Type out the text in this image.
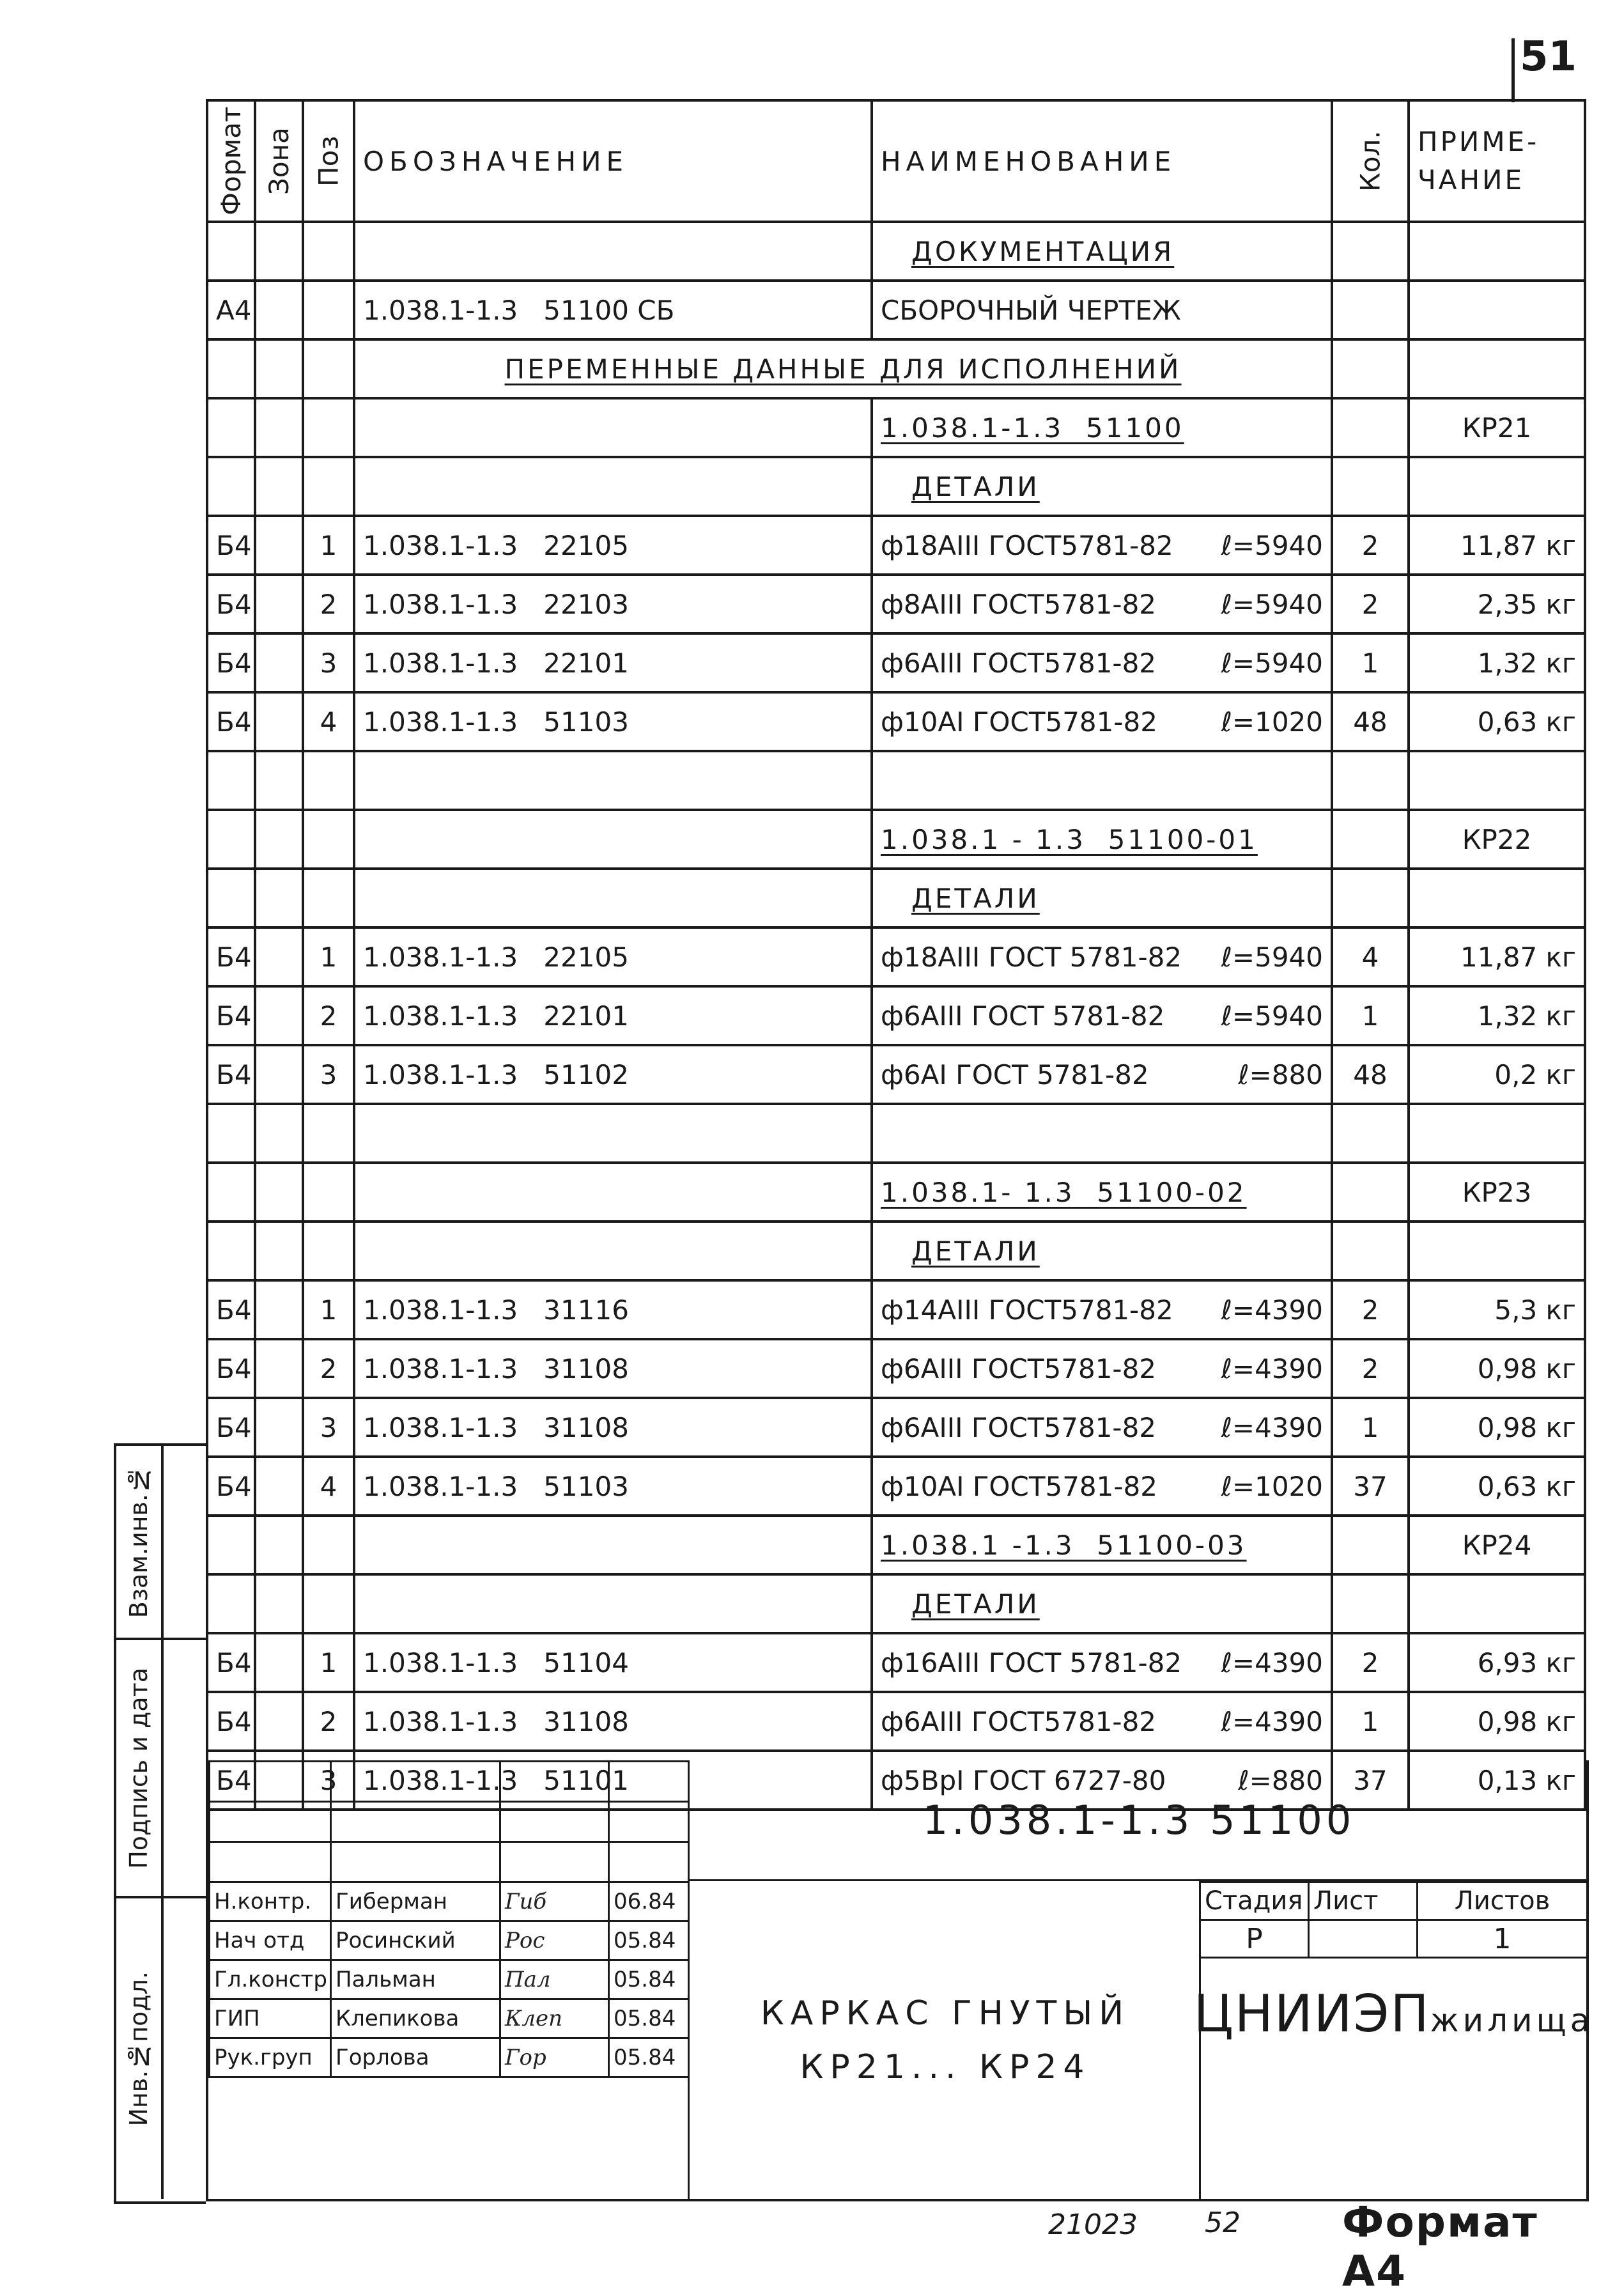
51
Формат	Зона	Поз	ОБОЗНАЧЕНИЕ	НАИМЕНОВАНИЕ	Кол.	ПРИМЕ-ЧАНИЕ
				ДОКУМЕНТАЦИЯ		
А4			1.038.1-1.3   51100 СБ	СБОРОЧНЫЙ ЧЕРТЕЖ		

			ПЕРЕМЕННЫЕ ДАННЫЕ ДЛЯ ИСПОЛНЕНИЙ			
				1.038.1-1.3  51100		КР21
				ДЕТАЛИ		
Б4		1	1.038.1-1.3   22105	ф18АIII ГОСТ5781-82 ℓ=5940	2	11,87 кг
Б4		2	1.038.1-1.3   22103	ф8АIII ГОСТ5781-82 ℓ=5940	2	2,35 кг
Б4		3	1.038.1-1.3   22101	ф6АIII ГОСТ5781-82 ℓ=5940	1	1,32 кг
Б4		4	1.038.1-1.3   51103	ф10АI ГОСТ5781-82 ℓ=1020	48	0,63 кг

				1.038.1 - 1.3  51100-01		КР22
				ДЕТАЛИ		
Б4		1	1.038.1-1.3   22105	ф18АIII ГОСТ 5781-82 ℓ=5940	4	11,87 кг
Б4		2	1.038.1-1.3   22101	ф6АIII ГОСТ 5781-82 ℓ=5940	1	1,32 кг
Б4		3	1.038.1-1.3   51102	ф6АI ГОСТ 5781-82 ℓ=880	48	0,2 кг

				1.038.1- 1.3  51100-02		КР23
				ДЕТАЛИ		
Б4		1	1.038.1-1.3   31116	ф14АIII ГОСТ5781-82 ℓ=4390	2	5,3 кг
Б4		2	1.038.1-1.3   31108	ф6АIII ГОСТ5781-82 ℓ=4390	2	0,98 кг
Б4		3	1.038.1-1.3   31108	ф6АIII ГОСТ5781-82 ℓ=4390	1	0,98 кг
Б4		4	1.038.1-1.3   51103	ф10АI ГОСТ5781-82 ℓ=1020	37	0,63 кг
				1.038.1 -1.3  51100-03		КР24
				ДЕТАЛИ		
Б4		1	1.038.1-1.3   51104	ф16АIII ГОСТ 5781-82 ℓ=4390	2	6,93 кг
Б4		2	1.038.1-1.3   31108	ф6АIII ГОСТ5781-82 ℓ=4390	1	0,98 кг
Б4		3	1.038.1-1.3   51101	ф5ВрI ГОСТ 6727-80 ℓ=880	37	0,13 кг
Взам.инв.№
Подпись и дата
Инв.№подл.

Н.контр.	Гиберман	Гиб	06.84
Нач отд	Росинский	Рос	05.84
Гл.констр	Пальман	Пал	05.84
ГИП	Клепикова	Клеп	05.84
Рук.груп	Горлова	Гор	05.84
1.038.1-1.3 51100
КАРКАС ГНУТЫЙ
КР21... КР24
Стадия	Лист	Листов
Р		1
ЦНИИЭП жилища
21023 52 Формат А4
